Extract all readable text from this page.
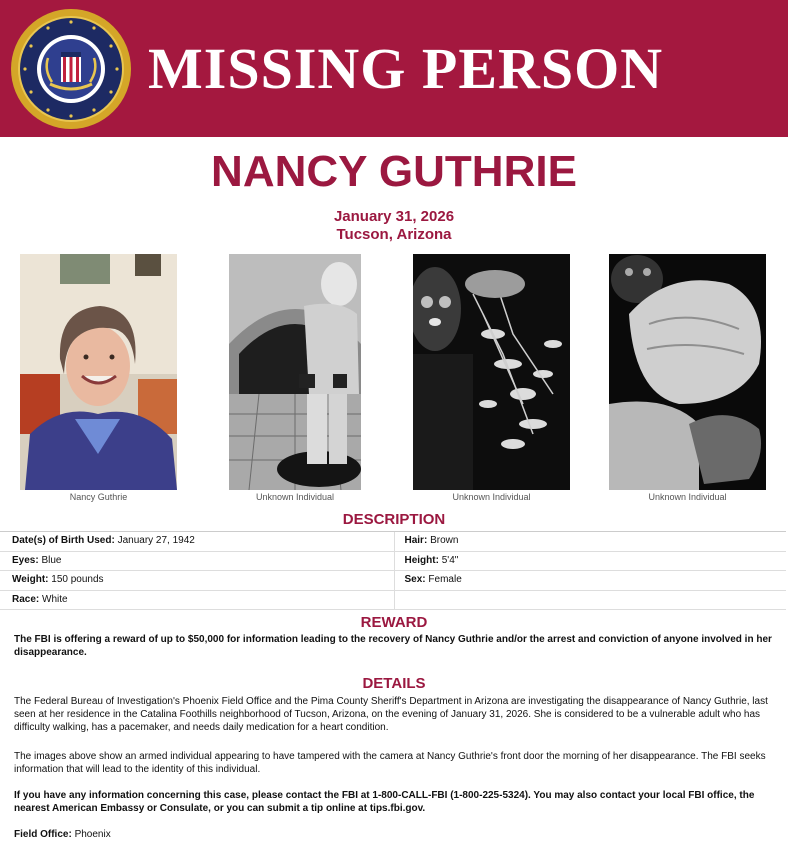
MISSING PERSON
NANCY GUTHRIE
January 31, 2026
Tucson, Arizona
Nancy Guthrie	Unknown Individual	Unknown Individual	Unknown Individual
DESCRIPTION
Date(s) of Birth Used: January 27, 1942	Hair: Brown
Eyes: Blue	Height: 5'4"
Weight: 150 pounds	Sex: Female
Race: White
REWARD
The FBI is offering a reward of up to $50,000 for information leading to the recovery of Nancy Guthrie and/or the arrest and conviction of anyone involved in her disappearance.
DETAILS
The Federal Bureau of Investigation's Phoenix Field Office and the Pima County Sheriff's Department in Arizona are investigating the disappearance of Nancy Guthrie, last seen at her residence in the Catalina Foothills neighborhood of Tucson, Arizona, on the evening of January 31, 2026. She is considered to be a vulnerable adult who has difficulty walking, has a pacemaker, and needs daily medication for a heart condition.
The images above show an armed individual appearing to have tampered with the camera at Nancy Guthrie's front door the morning of her disappearance. The FBI seeks information that will lead to the identity of this individual.
If you have any information concerning this case, please contact the FBI at 1-800-CALL-FBI (1-800-225-5324). You may also contact your local FBI office, the nearest American Embassy or Consulate, or you can submit a tip online at tips.fbi.gov.
Field Office: Phoenix
